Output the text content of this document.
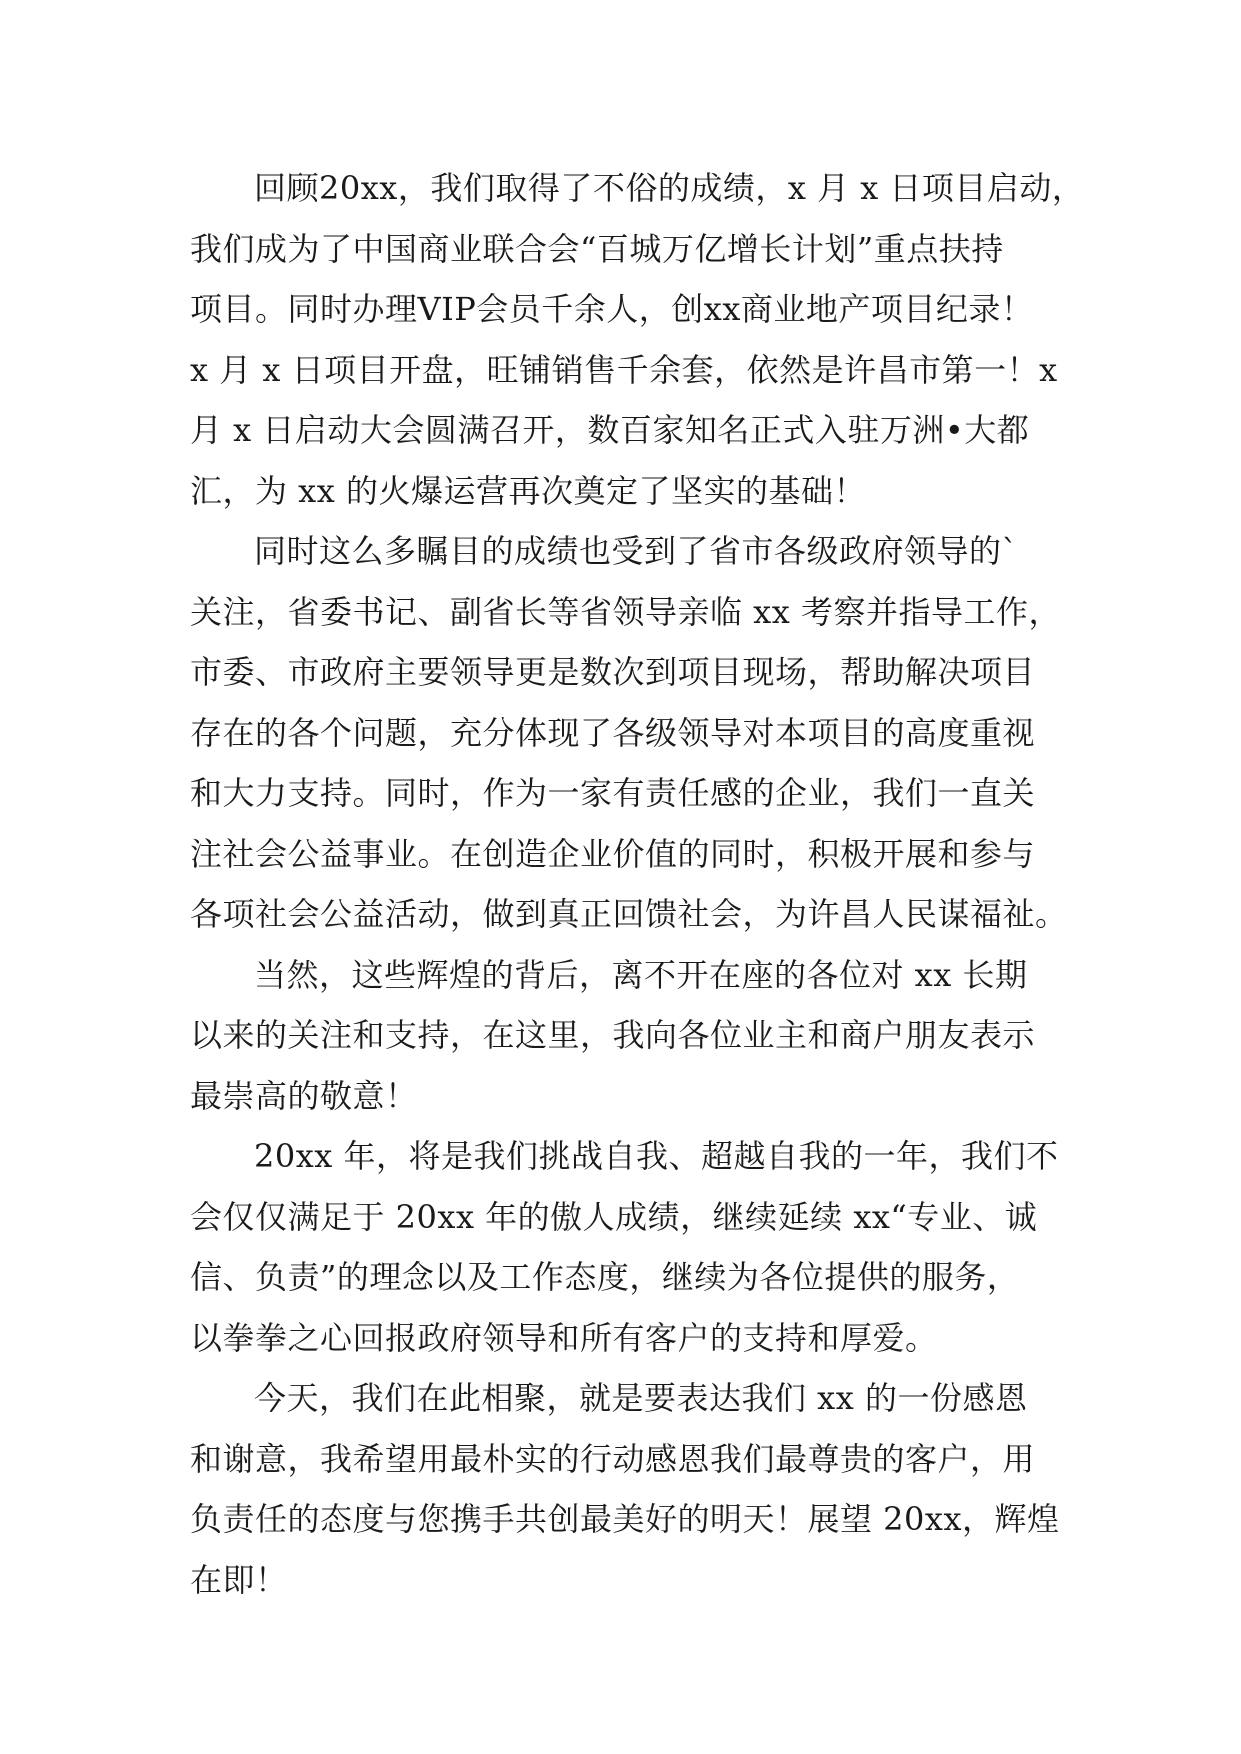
回顾20xx，我们取得了不俗的成绩，x 月 x 日项目启动，
我们成为了中国商业联合会“百城万亿增长计划”重点扶持
项目。同时办理VIP会员千余人，创xx商业地产项目纪录！
x 月 x 日项目开盘，旺铺销售千余套，依然是许昌市第一！x
月 x 日启动大会圆满召开，数百家知名正式入驻万洲•大都
汇，为 xx 的火爆运营再次奠定了坚实的基础！
同时这么多瞩目的成绩也受到了省市各级政府领导的`
关注，省委书记、副省长等省领导亲临 xx 考察并指导工作，
市委、市政府主要领导更是数次到项目现场，帮助解决项目
存在的各个问题，充分体现了各级领导对本项目的高度重视
和大力支持。同时，作为一家有责任感的企业，我们一直关
注社会公益事业。在创造企业价值的同时，积极开展和参与
各项社会公益活动，做到真正回馈社会，为许昌人民谋福祉。
当然，这些辉煌的背后，离不开在座的各位对 xx 长期
以来的关注和支持，在这里，我向各位业主和商户朋友表示
最崇高的敬意！
20xx 年，将是我们挑战自我、超越自我的一年，我们不
会仅仅满足于 20xx 年的傲人成绩，继续延续 xx“专业、诚
信、负责”的理念以及工作态度，继续为各位提供的服务，
以拳拳之心回报政府领导和所有客户的支持和厚爱。
今天，我们在此相聚，就是要表达我们 xx 的一份感恩
和谢意，我希望用最朴实的行动感恩我们最尊贵的客户，用
负责任的态度与您携手共创最美好的明天！展望 20xx，辉煌
在即！
